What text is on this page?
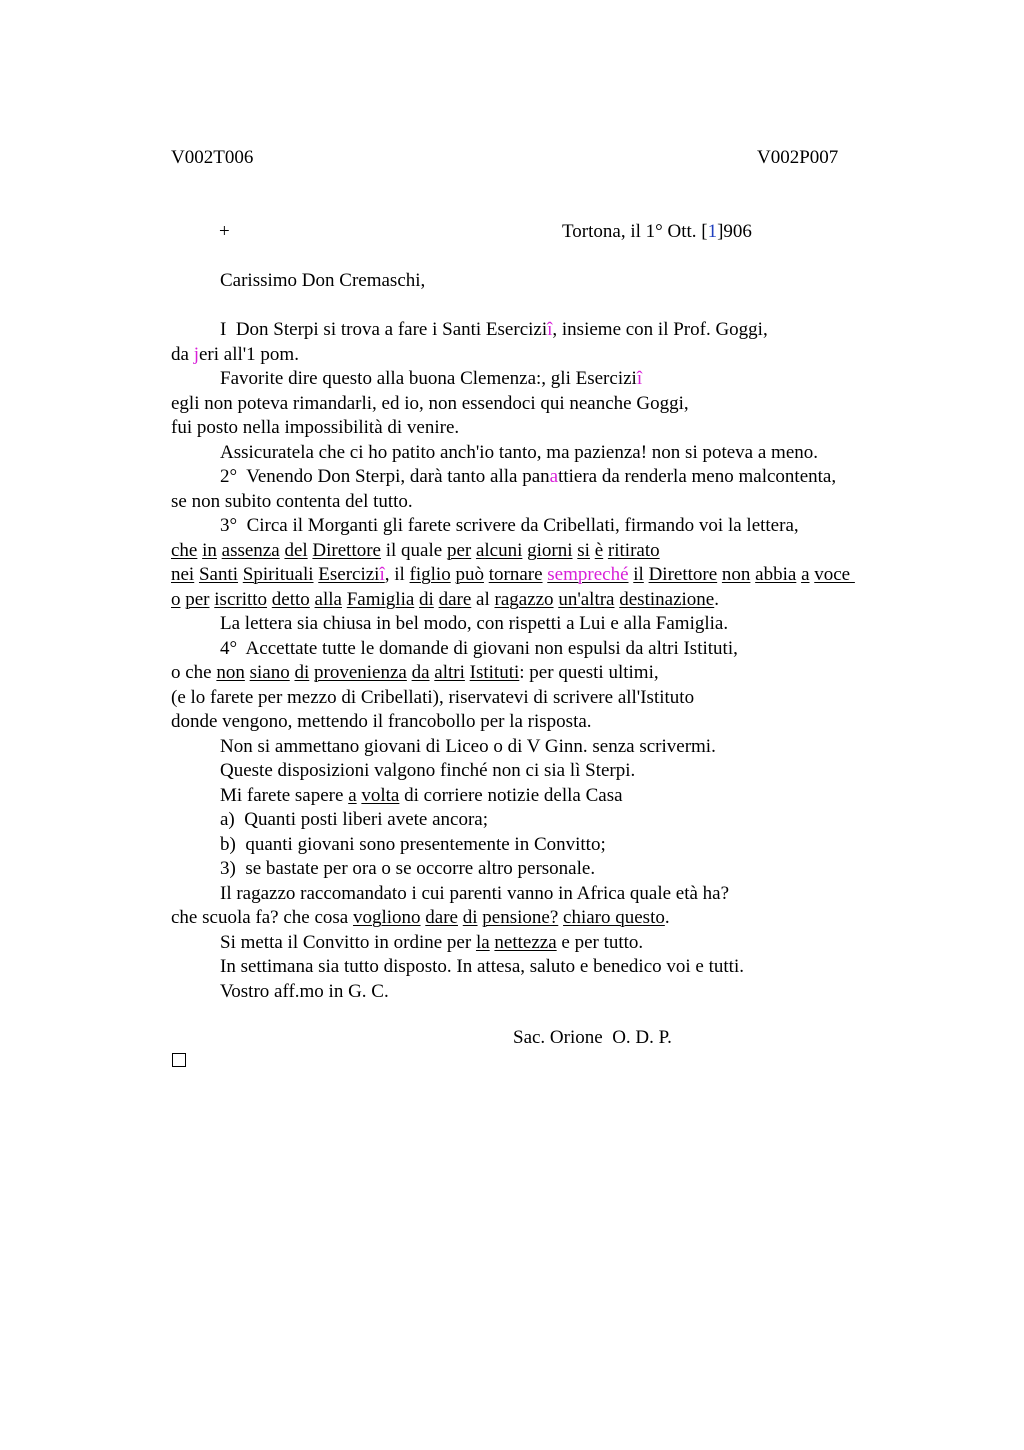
V002T006	V002P007
+	Tortona, il 1° Ott. [1]906
Carissimo Don Cremaschi,
I  Don Sterpi si trova a fare i Santi Eserciziî, insieme con il Prof. Goggi,
da jeri all'1 pom.
Favorite dire questo alla buona Clemenza:, gli Eserciziî
egli non poteva rimandarli, ed io, non essendoci qui neanche Goggi,
fui posto nella impossibilità di venire.
Assicuratela che ci ho patito anch'io tanto, ma pazienza! non si poteva a meno.
2°  Venendo Don Sterpi, darà tanto alla panattiera da renderla meno malcontenta,
se non subito contenta del tutto.
3°  Circa il Morganti gli farete scrivere da Cribellati, firmando voi la lettera,
che in assenza del Direttore il quale per alcuni giorni si è ritirato
nei Santi Spirituali Eserciziî, il figlio può tornare sempreché il Direttore non abbia a voce
o per iscritto detto alla Famiglia di dare al ragazzo un'altra destinazione.
La lettera sia chiusa in bel modo, con rispetti a Lui e alla Famiglia.
4°  Accettate tutte le domande di giovani non espulsi da altri Istituti,
o che non siano di provenienza da altri Istituti: per questi ultimi,
(e lo farete per mezzo di Cribellati), riservatevi di scrivere all'Istituto
donde vengono, mettendo il francobollo per la risposta.
Non si ammettano giovani di Liceo o di V Ginn. senza scrivermi.
Queste disposizioni valgono finché non ci sia lì Sterpi.
Mi farete sapere a volta di corriere notizie della Casa
a)  Quanti posti liberi avete ancora;
b)  quanti giovani sono presentemente in Convitto;
3)  se bastate per ora o se occorre altro personale.
Il ragazzo raccomandato i cui parenti vanno in Africa quale età ha?
che scuola fa? che cosa vogliono dare di pensione? chiaro questo.
Si metta il Convitto in ordine per la nettezza e per tutto.
In settimana sia tutto disposto. In attesa, saluto e benedico voi e tutti.
Vostro aff.mo in G. C.
Sac. Orione  O. D. P.
